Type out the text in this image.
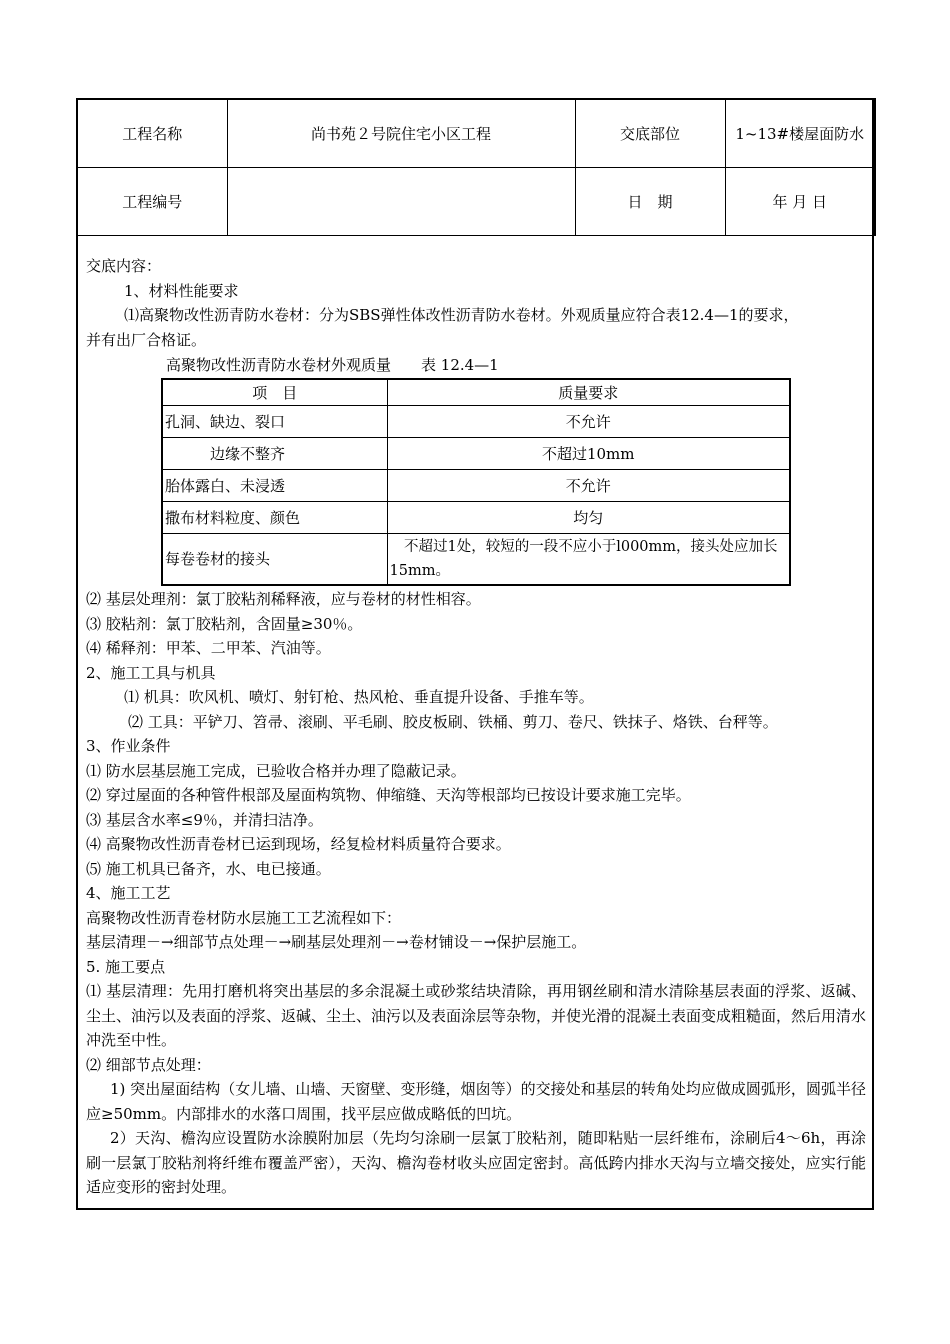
工程名称	尚书苑２号院住宅小区工程	交底部位	1~13#楼屋面防水
工程编号		日　期	年 月 日

交底内容：

1、材料性能要求

⑴高聚物改性沥青防水卷材：分为SBS弹性体改性沥青防水卷材。外观质量应符合表12.4—1的要求，

并有出厂合格证。

高聚物改性沥青防水卷材外观质量　　表 12.4—1
项　目	质量要求
孔洞、缺边、裂口	不允许
　　　边缘不整齐	不超过10mm
胎体露白、未浸透	不允许
撒布材料粒度、颜色	均匀
每卷卷材的接头	　不超过1处，较短的一段不应小于l000mm，接头处应加长15mm。

⑵ 基层处理剂：氯丁胶粘剂稀释液，应与卷材的材性相容。

⑶ 胶粘剂：氯丁胶粘剂，含固量≥30％。

⑷ 稀释剂：甲苯、二甲苯、汽油等。

2、施工工具与机具

⑴ 机具：吹风机、喷灯、射钉枪、热风枪、垂直提升设备、手推车等。

⑵ 工具：平铲刀、笤帚、滚刷、平毛刷、胶皮板刷、铁桶、剪刀、卷尺、铁抹子、烙铁、台秤等。

3、作业条件

⑴ 防水层基层施工完成，已验收合格并办理了隐蔽记录。

⑵ 穿过屋面的各种管件根部及屋面构筑物、伸缩缝、天沟等根部均已按设计要求施工完毕。

⑶ 基层含水率≤9％，并清扫洁净。

⑷ 高聚物改性沥青卷材已运到现场，经复检材料质量符合要求。

⑸ 施工机具已备齐，水、电已接通。

4、施工工艺

高聚物改性沥青卷材防水层施工工艺流程如下：

基层清理－→细部节点处理－→刷基层处理剂－→卷材铺设－→保护层施工。

5. 施工要点

⑴ 基层清理：先用打磨机将突出基层的多余混凝土或砂浆结块清除，再用钢丝刷和清水清除基层表面的浮浆、返碱、尘土、油污以及表面的浮浆、返碱、尘土、油污以及表面涂层等杂物，并使光滑的混凝土表面变成粗糙面，然后用清水冲洗至中性。

⑵ 细部节点处理：

1) 突出屋面结构（女儿墙、山墙、天窗壁、变形缝，烟囱等）的交接处和基层的转角处均应做成圆弧形，圆弧半径应≥50mm。内部排水的水落口周围，找平层应做成略低的凹坑。

2）天沟、檐沟应设置防水涂膜附加层（先均匀涂刷一层氯丁胶粘剂，随即粘贴一层纤维布，涂刷后4～6h，再涂刷一层氯丁胶粘剂将纤维布覆盖严密），天沟、檐沟卷材收头应固定密封。高低跨内排水天沟与立墙交接处，应实行能适应变形的密封处理。
